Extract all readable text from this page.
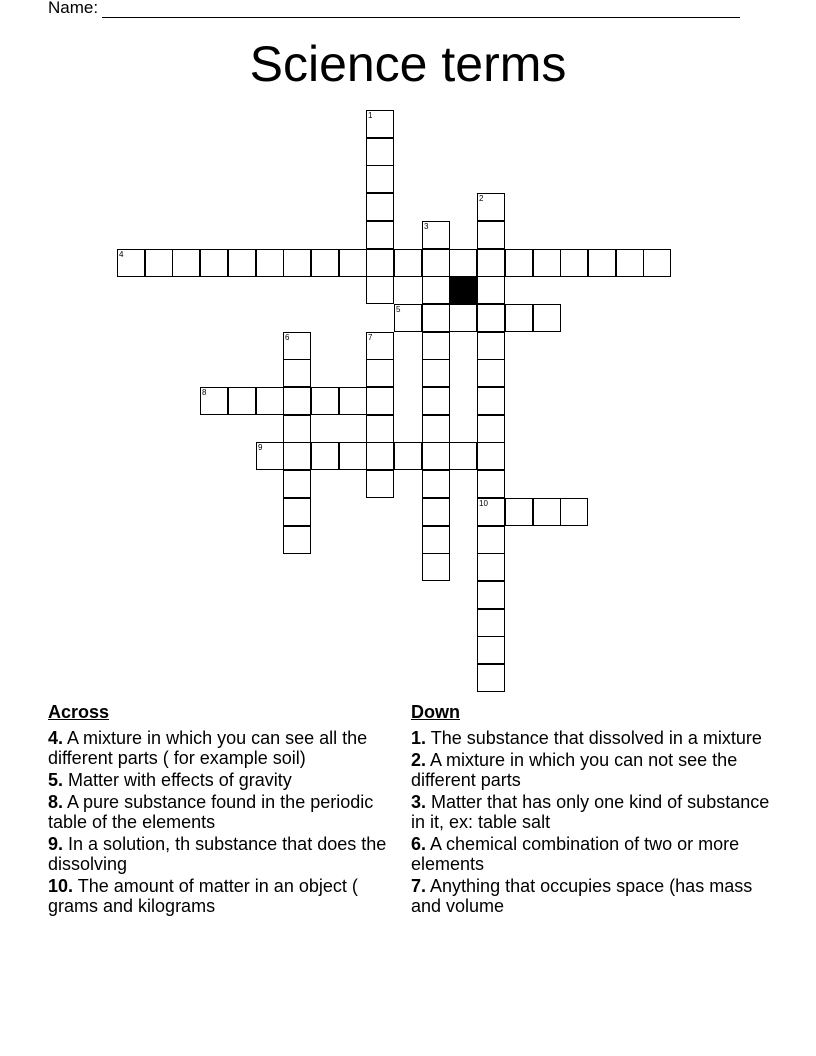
Name:
Science terms
1
2
10
3
4
5
6	7
8
9
Across
4. A mixture in which you can see all the different parts ( for example soil)
5. Matter with effects of gravity
8. A pure substance found in the periodic table of the elements
9. In a solution, th substance that does the dissolving
10. The amount of matter in an object ( grams and kilograms
Down
1. The substance that dissolved in a mixture
2. A mixture in which you can not see the different parts
3. Matter that has only one kind of substance in it, ex: table salt
6. A chemical combination of two or more elements
7. Anything that occupies space (has mass and volume
